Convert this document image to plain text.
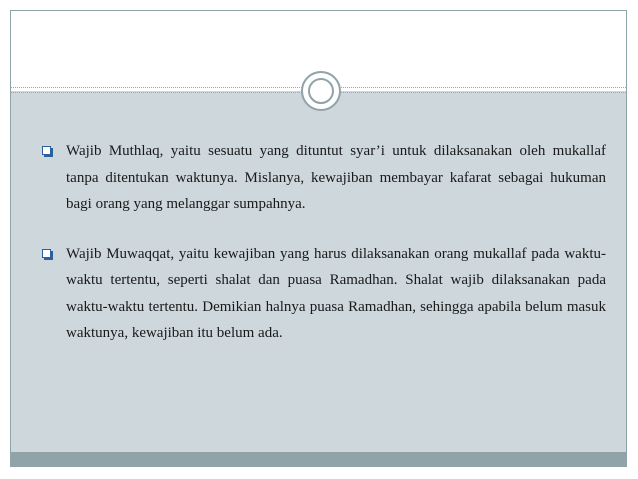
Wajib Muthlaq, yaitu sesuatu yang dituntut syar’i untuk dilaksanakan oleh mukallaf tanpa ditentukan waktunya. Mislanya, kewajiban membayar kafarat sebagai hukuman bagi orang yang melanggar sumpahnya.
Wajib Muwaqqat, yaitu kewajiban yang harus dilaksanakan orang mukallaf pada waktu-waktu tertentu, seperti shalat dan puasa Ramadhan. Shalat wajib dilaksanakan pada waktu-waktu tertentu. Demikian halnya puasa Ramadhan, sehingga apabila belum masuk waktunya, kewajiban itu belum ada.
